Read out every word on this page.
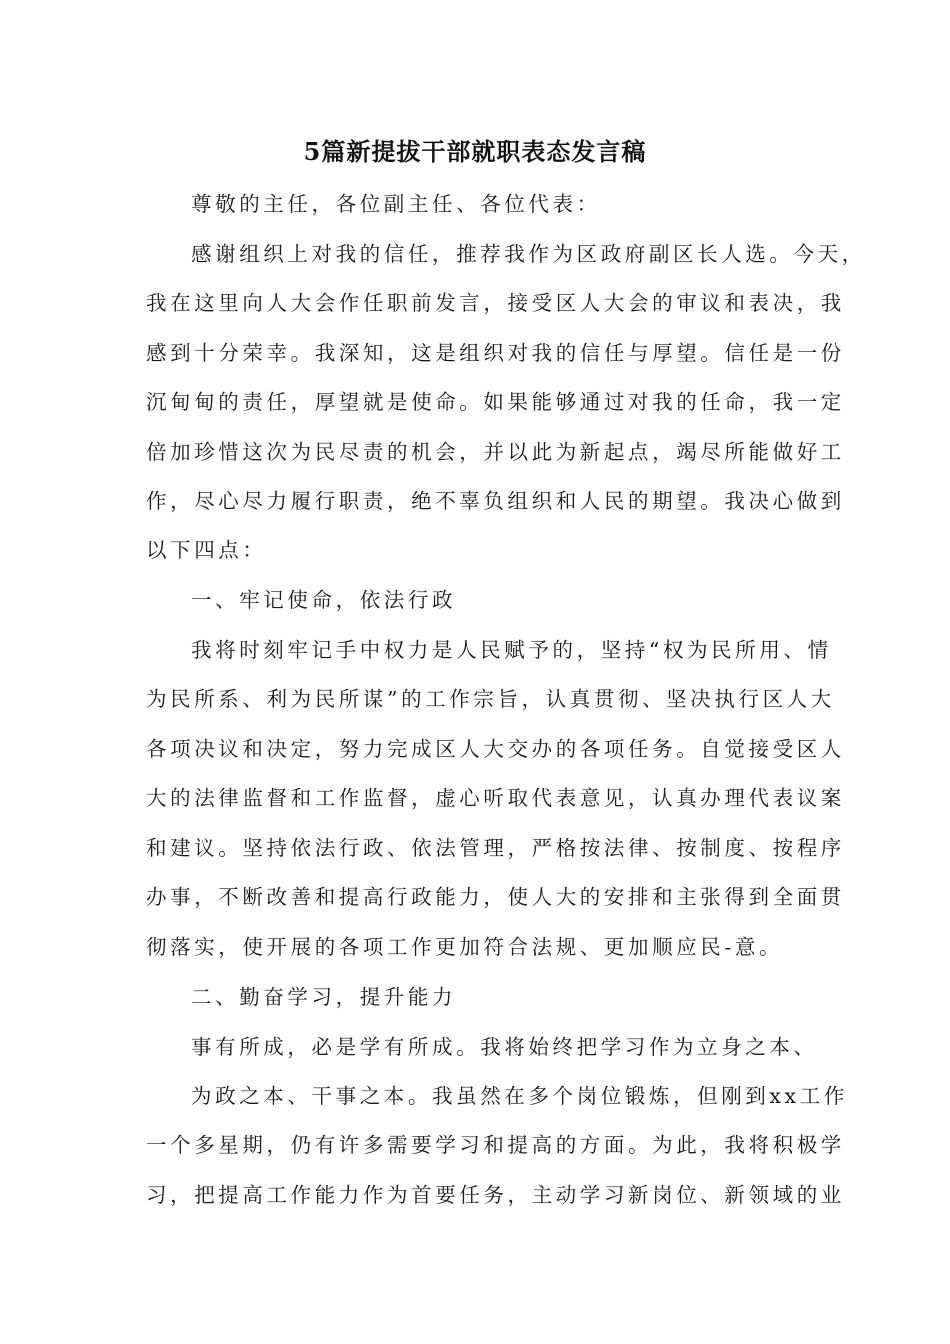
5篇新提拔干部就职表态发言稿
尊敬的主任，各位副主任、各位代表：
感谢组织上对我的信任，推荐我作为区政府副区长人选。今天，
我在这里向人大会作任职前发言，接受区人大会的审议和表决，我
感到十分荣幸。我深知，这是组织对我的信任与厚望。信任是一份
沉甸甸的责任，厚望就是使命。如果能够通过对我的任命，我一定
倍加珍惜这次为民尽责的机会，并以此为新起点，竭尽所能做好工
作，尽心尽力履行职责，绝不辜负组织和人民的期望。我决心做到
以下四点：
一、牢记使命，依法行政
我将时刻牢记手中权力是人民赋予的，坚持“权为民所用、情
为民所系、利为民所谋”的工作宗旨，认真贯彻、坚决执行区人大
各项决议和决定，努力完成区人大交办的各项任务。自觉接受区人
大的法律监督和工作监督，虚心听取代表意见，认真办理代表议案
和建议。坚持依法行政、依法管理，严格按法律、按制度、按程序
办事，不断改善和提高行政能力，使人大的安排和主张得到全面贯
彻落实，使开展的各项工作更加符合法规、更加顺应民-意。
二、勤奋学习，提升能力
事有所成，必是学有所成。我将始终把学习作为立身之本、
为政之本、干事之本。我虽然在多个岗位锻炼，但刚到xx工作
一个多星期，仍有许多需要学习和提高的方面。为此，我将积极学
习，把提高工作能力作为首要任务，主动学习新岗位、新领域的业
